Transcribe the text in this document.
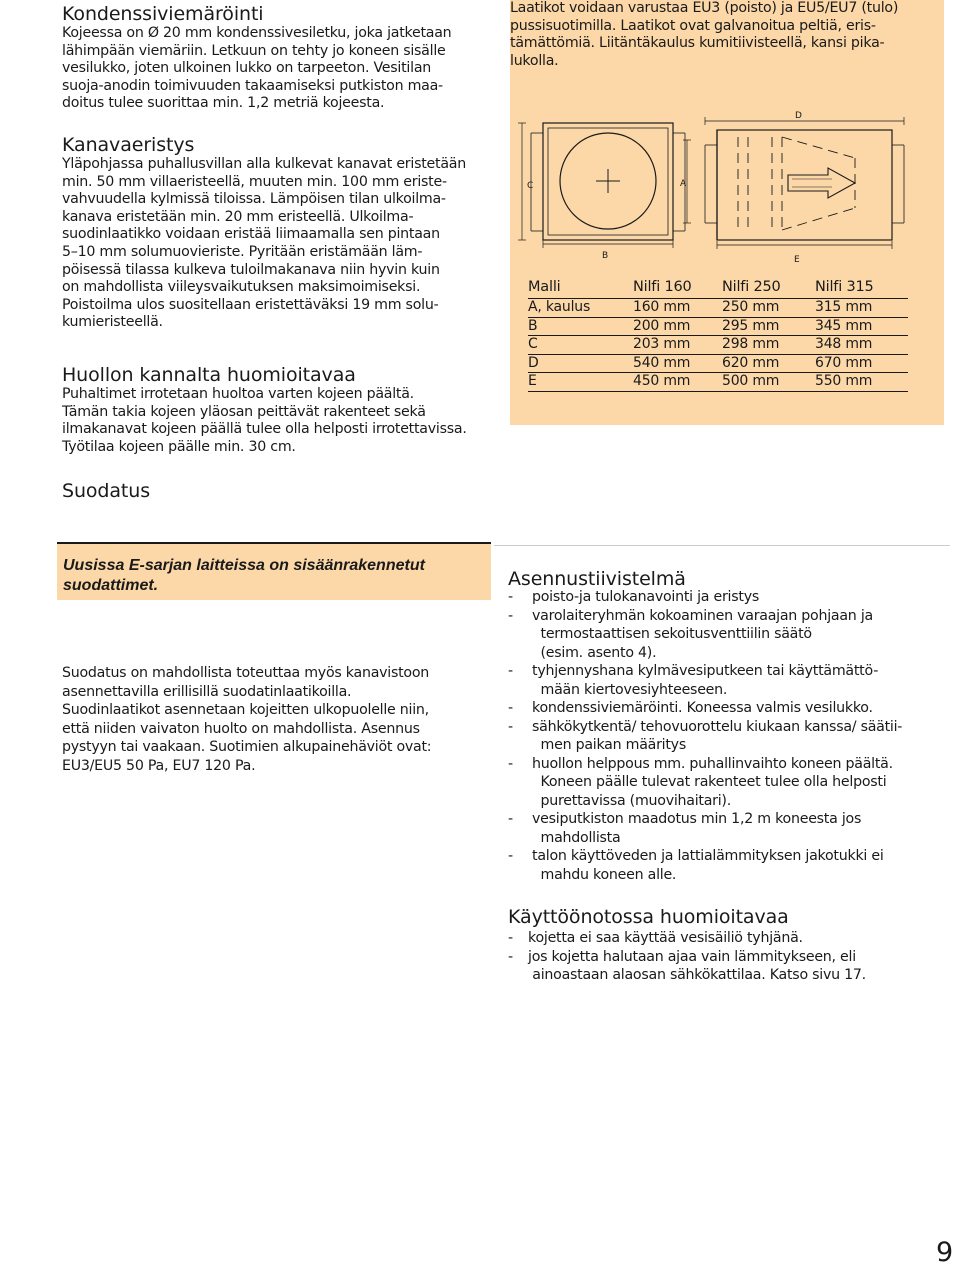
Kondenssiviemäröinti

Kojeessa on Ø 20 mm kondenssivesiletku, joka jatketaan
lähimpään viemäriin. Letkuun on tehty jo koneen sisälle
vesilukko, joten ulkoinen lukko on tarpeeton. Vesitilan
suoja-anodin toimivuuden takaamiseksi putkiston maa-
doitus tulee suorittaa min. 1,2 metriä kojeesta.

Kanavaeristys

Yläpohjassa puhallusvillan alla kulkevat kanavat eristetään
min. 50 mm villaeristeellä, muuten min. 100 mm eriste-
vahvuudella kylmissä tiloissa. Lämpöisen tilan ulkoilma-
kanava eristetään min. 20 mm eristeellä. Ulkoilma-
suodinlaatikko voidaan eristää liimaamalla sen pintaan
5–10 mm solumuovieriste. Pyritään eristämään läm-
pöisessä tilassa kulkeva tuloilmakanava niin hyvin kuin
on mahdollista viileysvaikutuksen maksimoimiseksi.
Poistoilma ulos suositellaan eristettäväksi 19 mm solu-
kumieristeellä.

Huollon kannalta huomioitavaa

Puhaltimet irrotetaan huoltoa varten kojeen päältä.
Tämän takia kojeen yläosan peittävät rakenteet sekä
ilmakanavat kojeen päällä tulee olla helposti irrotettavissa.
Työtilaa kojeen päälle min. 30 cm.

Suodatus
Uusissa E-sarjan laitteissa on sisäänrakennetut
suodattimet.

Suodatus on mahdollista toteuttaa myös kanavistoon
asennettavilla erillisillä suodatinlaatikoilla.
Suodinlaatikot asennetaan kojeitten ulkopuolelle niin,
että niiden vaivaton huolto on mahdollista. Asennus
pystyyn tai vaakaan. Suotimien alkupainehäviöt ovat:
EU3/EU5 50 Pa, EU7 120 Pa.

Laatikot voidaan varustaa EU3 (poisto) ja EU5/EU7 (tulo)
pussisuotimilla. Laatikot ovat galvanoitua peltiä, eris-
tämättömiä. Liitäntäkaulus kumitiivisteellä, kansi pika-
lukolla.

C
B
A
D
E
Malli	Nilfi 160	Nilfi 250	Nilfi 315
A, kaulus	160 mm	250 mm	315 mm
B	200 mm	295 mm	345 mm
C	203 mm	298 mm	348 mm
D	540 mm	620 mm	670 mm
E	450 mm	500 mm	550 mm
Asennustiivistelmä
-	poisto-ja tulokanavointi ja eristys
-	varolaiteryhmän kokoaminen varaajan pohjaan ja
termostaattisen sekoitusventtiilin säätö
(esim. asento 4).
-	tyhjennyshana kylmävesiputkeen tai käyttämättö-
mään kiertovesiyhteeseen.
-	kondenssiviemäröinti. Koneessa valmis vesilukko.
-	sähkökytkentä/ tehovuorottelu kiukaan kanssa/ säätii-
men paikan määritys
-	huollon helppous mm. puhallinvaihto koneen päältä.
Koneen päälle tulevat rakenteet tulee olla helposti
purettavissa (muovihaitari).
-	vesiputkiston maadotus min 1,2 m koneesta jos
mahdollista
-	talon käyttöveden ja lattialämmityksen jakotukki ei
mahdu koneen alle.
Käyttöönotossa huomioitavaa
-	kojetta ei saa käyttää vesisäiliö tyhjänä.
-	jos kojetta halutaan ajaa vain lämmitykseen, eli
ainoastaan alaosan sähkökattilaa. Katso sivu 17.
9
